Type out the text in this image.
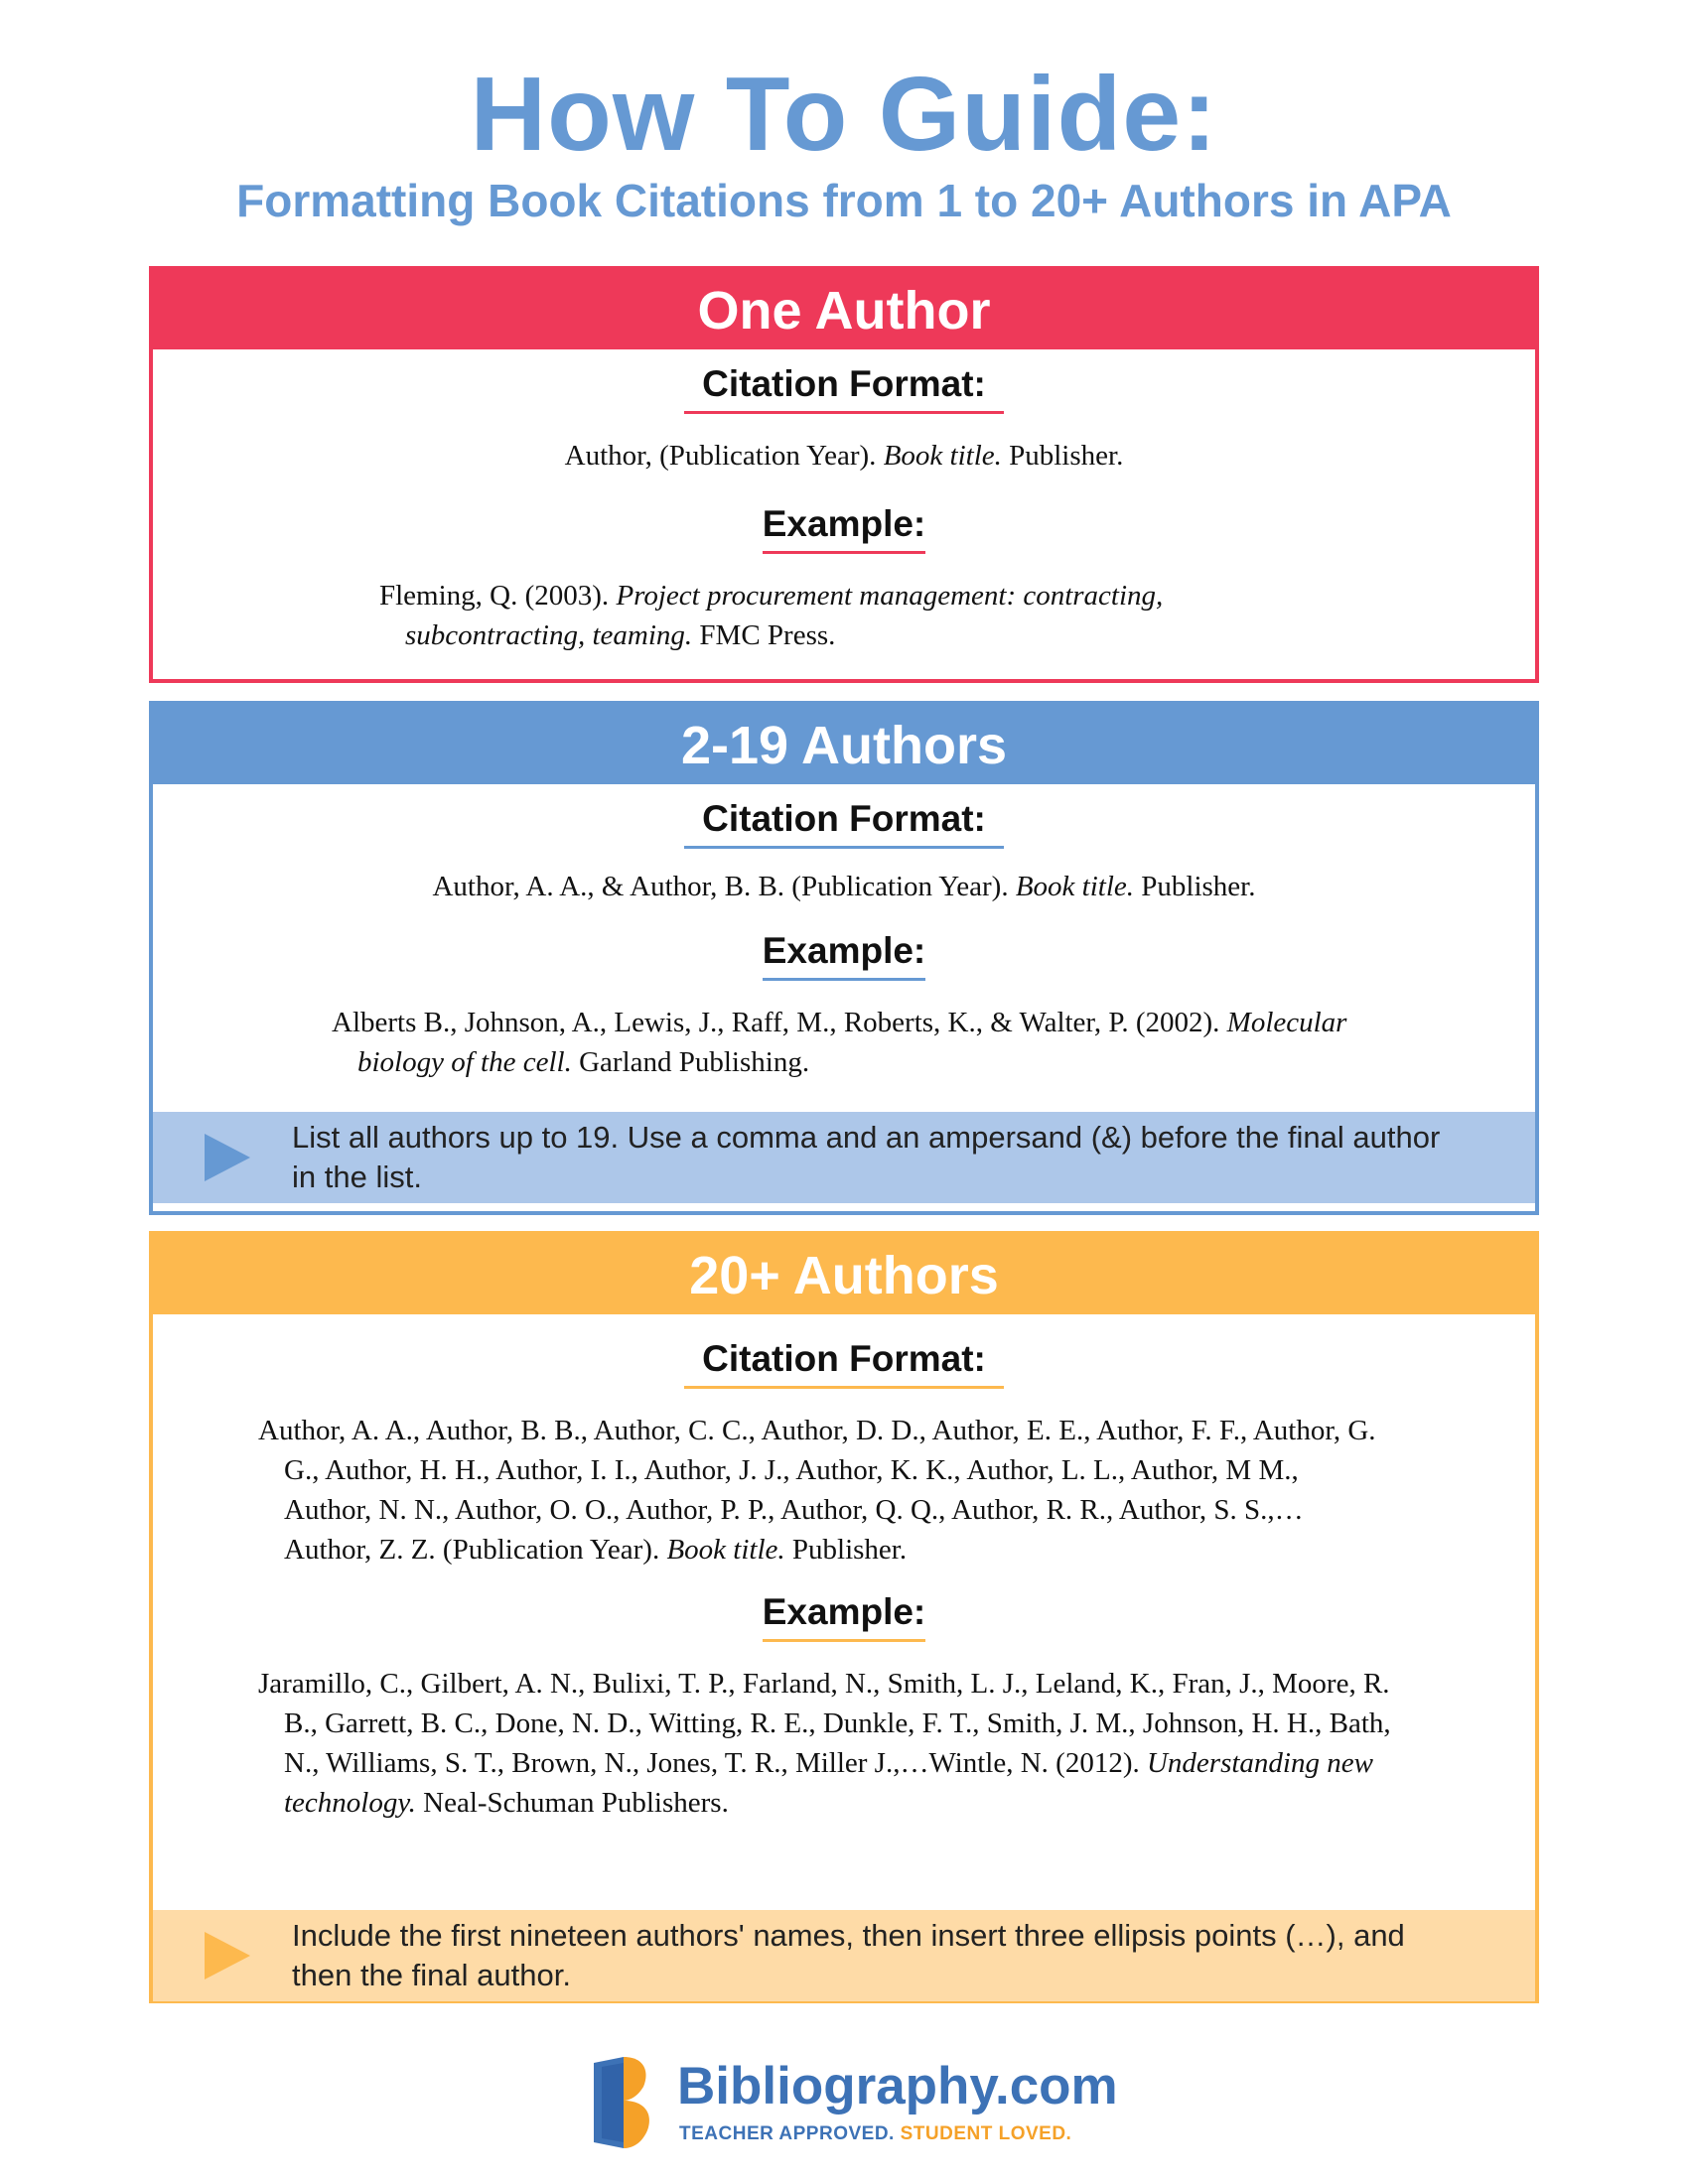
How To Guide:
Formatting Book Citations from 1 to 20+ Authors in APA
One Author
Citation Format:
Author, (Publication Year). Book title. Publisher.
Example:
Fleming, Q. (2003). Project procurement management: contracting, subcontracting, teaming. FMC Press.
2-19 Authors
Citation Format:
Author, A. A., & Author, B. B. (Publication Year). Book title. Publisher.
Example:
Alberts B., Johnson, A., Lewis, J., Raff, M., Roberts, K., & Walter, P. (2002). Molecular biology of the cell. Garland Publishing.
List all authors up to 19. Use a comma and an ampersand (&) before the final author in the list.
20+ Authors
Citation Format:
Author, A. A., Author, B. B., Author, C. C., Author, D. D., Author, E. E., Author, F. F., Author, G. G., Author, H. H., Author, I. I., Author, J. J., Author, K. K., Author, L. L., Author, M M., Author, N. N., Author, O. O., Author, P. P., Author, Q. Q., Author, R. R., Author, S. S.,…Author, Z. Z. (Publication Year). Book title. Publisher.
Example:
Jaramillo, C., Gilbert, A. N., Bulixi, T. P., Farland, N., Smith, L. J., Leland, K., Fran, J., Moore, R. B., Garrett, B. C., Done, N. D., Witting, R. E., Dunkle, F. T., Smith, J. M., Johnson, H. H., Bath, N., Williams, S. T., Brown, N., Jones, T. R., Miller J.,…Wintle, N. (2012). Understanding new technology. Neal-Schuman Publishers.
Include the first nineteen authors' names, then insert three ellipsis points (…), and then the final author.
Bibliography.com
TEACHER APPROVED. STUDENT LOVED.
